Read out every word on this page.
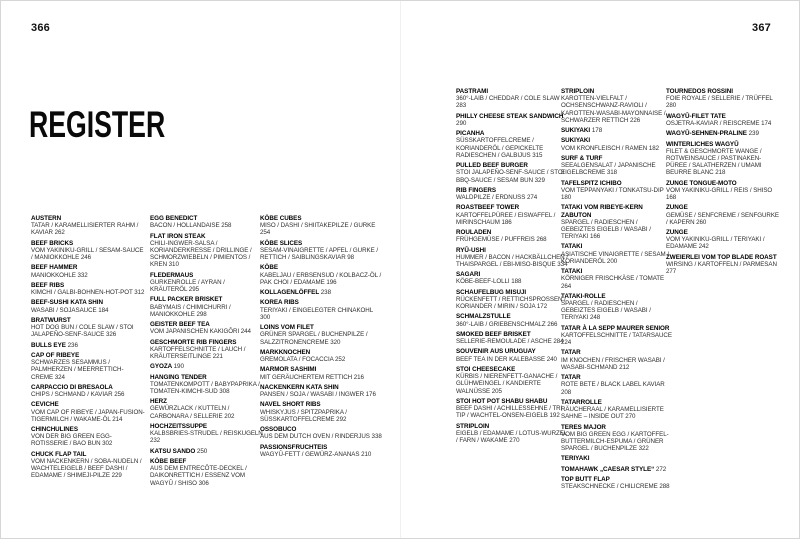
366	367
REGISTER
AUSTERN
TATAR / KARAMELLISIERTER RAHM / KAVIAR 262
BEEF BRICKS
VOM YAKINIKU-GRILL / SESAM-SAUCE / MANIOKKOHLE 246
BEEF HAMMER
MANIOKKOHLE 332
BEEF RIBS
KIMCHI / GALBI-BOHNEN-HOT-POT 312
BEEF-SUSHI KATA SHIN
WASABI / SOJASAUCE 184
BRATWURST
HOT DOG BUN / COLE SLAW / STOI JALAPEÑO-SENF-SAUCE 326
BULLS EYE 236
CAP OF RIBEYE
SCHWARZES SESAMMUS / PALMHERZEN / MEERRETTICH-CREME 324
CARPACCIO DI BRESAOLA
CHIPS / SCHMAND / KAVIAR 256
CEVICHE
VOM CAP OF RIBEYE / JAPAN-FUSION-TIGERMILCH / WAKAME-ÖL 214
CHINCHULINES
VON DER BIG GREEN EGG-ROTISSERIE / BAO BUN 302
CHUCK FLAP TAIL
VOM NACKENKERN / SOBA-NUDELN / WACHTELEIGELB / BEEF DASHI / EDAMAME / SHIMEJI-PILZE 229
EGG BENEDICT
BACON / HOLLANDAISE 258
FLAT IRON STEAK
CHILI-INGWER-SALSA / KORIANDERKRESSE / DRILLINGE / SCHMORZWIEBELN / PIMIENTOS / KREN 310
FLEDERMAUS
GURKENROLLE / AYRAN / KRÄUTERÖL 295
FULL PACKER BRISKET
BABYMAIS / CHIMICHURRI / MANIOKKOHLE 298
GEISTER BEEF TEA
VOM JAPANISCHEN KAKIGŌRI 244
GESCHMORTE RIB FINGERS
KARTOFFELSCHNITTE / LAUCH / KRÄUTERSEITLINGE 221
GYOZA 190
HANGING TENDER
TOMATENKOMPOTT / BABYPAPRIKA / TOMATEN-KIMCHI-SUD 308
HERZ
GEWÜRZLACK / KUTTELN / CARBONARA / SELLERIE 202
HOCHZEITSSUPPE
KALBSBRIES-STRUDEL / REISKUGELN 232
KATSU SANDO 250
KÖBE BEEF
AUS DEM ENTRECÔTE-DECKEL / DAIKONRETTICH / ESSENZ VOM WAGYŪ / SHISO 306
KÖBE CUBES
MISO / DASHI / SHIITAKEPILZE / GURKE 254
KÖBE SLICES
SESAM-VINAIGRETTE / APFEL / GURKE / RETTICH / SAIBLINGSKAVIAR 98
KÖBE
KABELJAU / ERBSENSUD / KOLBACZ-ÖL / PAK CHOI / EDAMAME 196
KOLLAGENLÖFFEL 238
KOREA RIBS
TERIYAKI / EINGELEGTER CHINAKOHL 300
LOINS VOM FILET
GRÜNER SPARGEL / BUCHENPILZE / SALZZITRONENCREME 320
MARKKNOCHEN
GREMOLATA / FOCACCIA 252
MARMOR SASHIMI
MIT GERÄUCHERTEM RETTICH 216
NACKENKERN KATA SHIN
PANSEN / SOJA / WASABI / INGWER 176
NAVEL SHORT RIBS
WHISKYJUS / SPITZPAPRIKA / SÜSSKARTOFFELCREME 292
OSSOBUCO
AUS DEM DUTCH OVEN / RINDERJUS 338
PASSIONSFRUCHTEIS
WAGYŪ-FETT / GEWÜRZ-ANANAS 210
PASTRAMI
360°-LAIB / CHEDDAR / COLE SLAW 283
PHILLY CHEESE STEAK SANDWICH 290
PICANHA
SÜSSKARTOFFELCREME / KORIANDERÖL / GEPICKELTE RADIESCHEN / GALBIJUS 315
PULLED BEEF BURGER
STOI JALAPEÑO-SENF-SAUCE / STOI BBQ-SAUCE / SESAM BUN 329
RIB FINGERS
WALDPILZE / ERDNUSS 274
ROASTBEEF TOWER
KARTOFFELPÜREE / EISWAFFEL / MIRINSCHAUM 186
ROULADEN
FRÜHGEMÜSE / PUFFREIS 268
RYŪ-USHI
HUMMER / BACON / HACKBÄLLCHEN / THAISPARGEL / EBI-MISO-BISQUE 334
SAGARI
KÖBE-BEEF-LOLLI 188
SCHAUFELBUG MISUJI
RÜCKENFETT / RETTICHSPROSSEN / KORIANDER / MIRIN / SOJA 172
SCHMALZSTULLE
360°-LAIB / GRIEBENSCHMALZ 266
SMOKED BEEF BRISKET
SELLERIE-REMOULADE / ASCHE 284
SOUVENIR AUS URUGUAY
BEEF TEA IN DER KALEBASSE 240
STOI CHEESECAKE
KÜRBIS / NIERENFETT-GANACHE / GLÜHWEINGEL / KANDIERTE WALNÜSSE 205
STOI HOT POT SHABU SHABU
BEEF DASHI / ACHILLESSEHNE / TRI TIP / WACHTEL-ONSEN-EIGELB 192
STRIPLOIN
EIGELB / EDAMAME / LOTUS-WURZEL / FARN / WAKAME 270
STRIPLOIN
KAROTTEN-VIELFALT / OCHSENSCHWANZ-RAVIOLI / KAROTTEN-WASABI-MAYONNAISE / SCHWARZER RETTICH 226
SUKIYAKI 178
SUKIYAKI
VOM KRONFLEISCH / RAMEN 182
SURF & TURF
SEEALGENSALAT / JAPANISCHE EIGELBCREME 318
TAFELSPITZ ICHIBO
VOM TEPPANYAKI / TONKATSU-DIP 180
TATAKI VOM RIBEYE-KERN ZABUTON
SPARGEL / RADIESCHEN / GEBEIZTES EIGELB / WASABI / TERIYAKI 166
TATAKI
ASIATISCHE VINAIGRETTE / SESAM / KORIANDERÖL 200
TATAKI
KÖRNIGER FRISCHKÄSE / TOMATE 264
TATAKI-ROLLE
SPARGEL / RADIESCHEN / GEBEIZTES EIGELB / WASABI / TERIYAKI 248
TATAR À LA SEPP MAURER SENIOR
KARTOFFELSCHNITTE / TATARSAUCE 224
TATAR
IM KNOCHEN / FRISCHER WASABI / WASABI-SCHMAND 212
TATAR
ROTE BETE / BLACK LABEL KAVIAR 208
TATARROLLE
RÄUCHERAAL / KARAMELLISIERTE SAHNE – INSIDE OUT 270
TERES MAJOR
VOM BIG GREEN EGG / KARTOFFEL-BUTTERMILCH-ESPUMA / GRÜNER SPARGEL / BUCHENPILZE 322
TERIYAKI
TOMAHAWK „CAESAR STYLE“ 272
TOP BUTT FLAP
STEAKSCHNECKE / CHILICREME 288
TOURNEDOS ROSSINI
FOIE ROYALE / SELLERIE / TRÜFFEL 280
WAGYŪ-FILET TATE
OSJETRA-KAVIAR / REISCREME 174
WAGYŪ-SEHNEN-PRALINE 239
WINTERLICHES WAGYŪ
FILET & GESCHMORTE WANGE / ROTWEINSAUCE / PASTINAKEN-PÜREE / SALATHERZEN / UMAMI BEURRE BLANC 218
ZUNGE TONGUE-MOTO
VOM YAKINIKU-GRILL / REIS / SHISO 168
ZUNGE
GEMÜSE / SENFCREME / SENFGURKE / KAPERN 260
ZUNGE
VOM YAKINIKU-GRILL / TERIYAKI / EDAMAME 242
ZWEIERLEI VOM TOP BLADE ROAST
WIRSING / KARTOFFELN / PARMESAN 277
